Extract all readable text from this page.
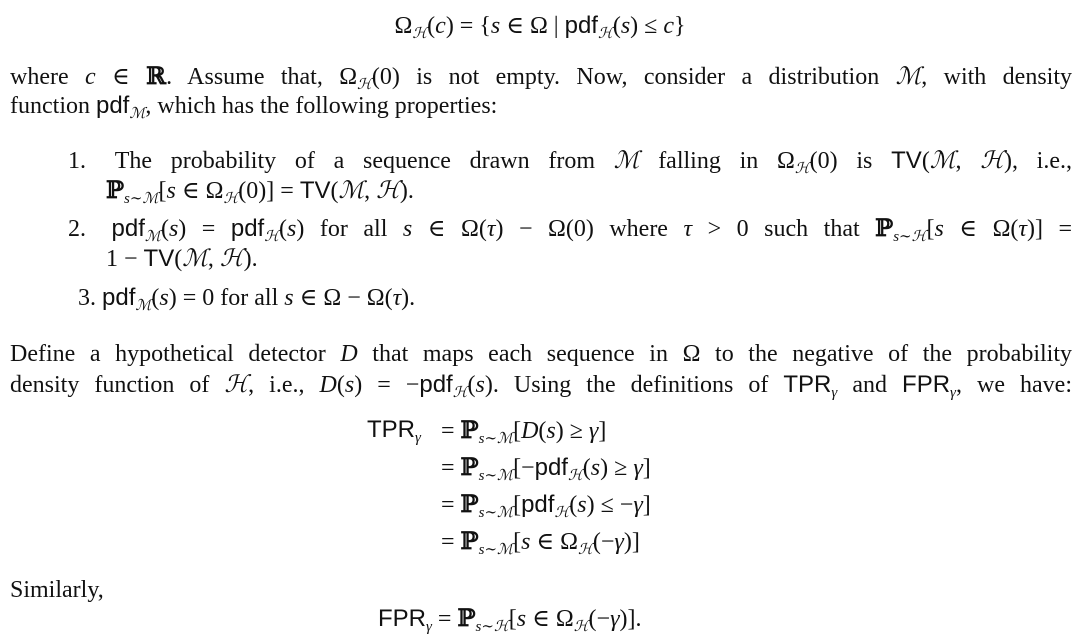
$\Omega_ℋ(c) = \{s$ ∈ Ω | pdf$_ℋ$(s) ≤ c}
where c ∈ ℝ. Assume that, $\Omega_ℋ(0)$ is not empty. Now, consider a distribution ℳ, with density
function pdf$_ℳ$, which has the following properties:
1. The probability of a sequence drawn from ℳ falling in $\Omega_ℋ(0)$ is TV(ℳ, ℋ), i.e.,
ℙ$_{s\sim ℳ}$[s ∈ $\Omega_ℋ(0)$] = TV(ℳ, ℋ).
2. pdf$_ℳ$(s) = pdf$_ℋ$(s) for all s ∈ Ω(τ) − Ω(0) where τ > 0 such that ℙ$_{s\sim ℋ}$[s ∈ Ω(τ)] =
1 − TV(ℳ, ℋ).
3. pdf$_ℳ$(s) = 0 for all s ∈ Ω − Ω(τ).
Define a hypothetical detector D that maps each sequence in Ω to the negative of the probability
density function of ℋ, i.e., D(s) = −pdf$_ℋ$(s). Using the definitions of $TPR_\gamma$ and $FPR_\gamma$, we have:
$TPR_\gamma$ = ℙ$_{s\sim ℳ}$[D(s) ≥ γ]
= ℙ$_{s\sim ℳ}$[−pdf$_ℋ$(s) ≥ γ]
= ℙ$_{s\sim ℳ}$[pdf$_ℋ$(s) ≤ −γ]
= ℙ$_{s\sim ℳ}$[s ∈ $\Omega_ℋ(-\gamma)$]
Similarly,
$FPR_\gamma$ = ℙ$_{s\sim ℋ}$[s ∈ $\Omega_ℋ(-\gamma)$].
